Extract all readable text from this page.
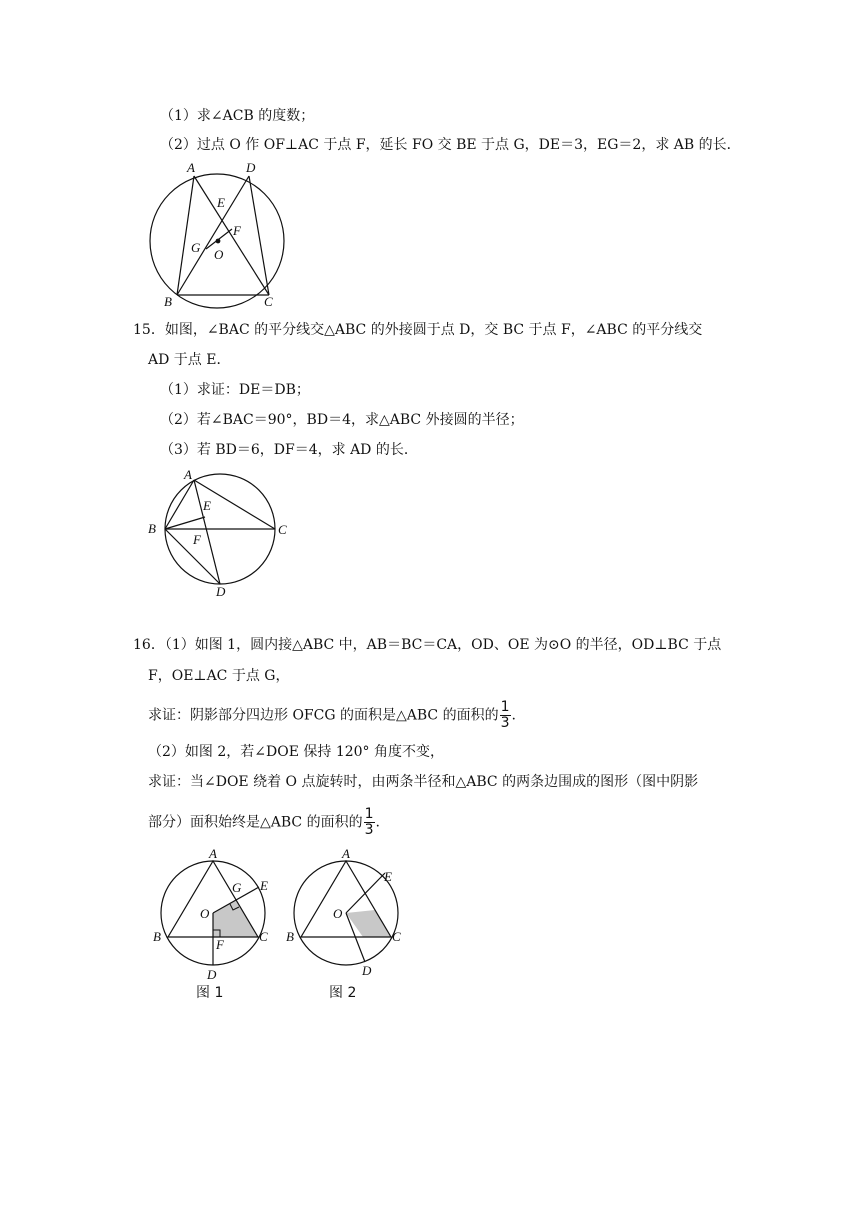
（1）求∠ACB 的度数；
（2）过点 O 作 OF⊥AC 于点 F，延长 FO 交 BE 于点 G，DE＝3，EG＝2，求 AB 的长．
A	D
E
F
G O
B	C
15．如图，∠BAC 的平分线交△ABC 的外接圆于点 D，交 BC 于点 F，∠ABC 的平分线交
AD 于点 E．
（1）求证：DE＝DB；
（2）若∠BAC＝90°，BD＝4，求△ABC 外接圆的半径；
（3）若 BD＝6，DF＝4，求 AD 的长．
A
E
B	C
F
D
16．（1）如图 1，圆内接△ABC 中，AB＝BC＝CA，OD、OE 为⊙O 的半径，OD⊥BC 于点
F，OE⊥AC 于点 G，
求证：阴影部分四边形 OFCG 的面积是△ABC 的面积的 $\frac{1}{3}$ .
（2）如图 2，若∠DOE 保持 120° 角度不变，
求证：当∠DOE 绕着 O 点旋转时，由两条半径和△ABC 的两条边围成的图形（图中阴影
部分）面积始终是△ABC 的面积的 $\frac{1}{3}$ .
A
G E
O
B
F
C
D
图 1
A
E
O
B	C
D
图 2
